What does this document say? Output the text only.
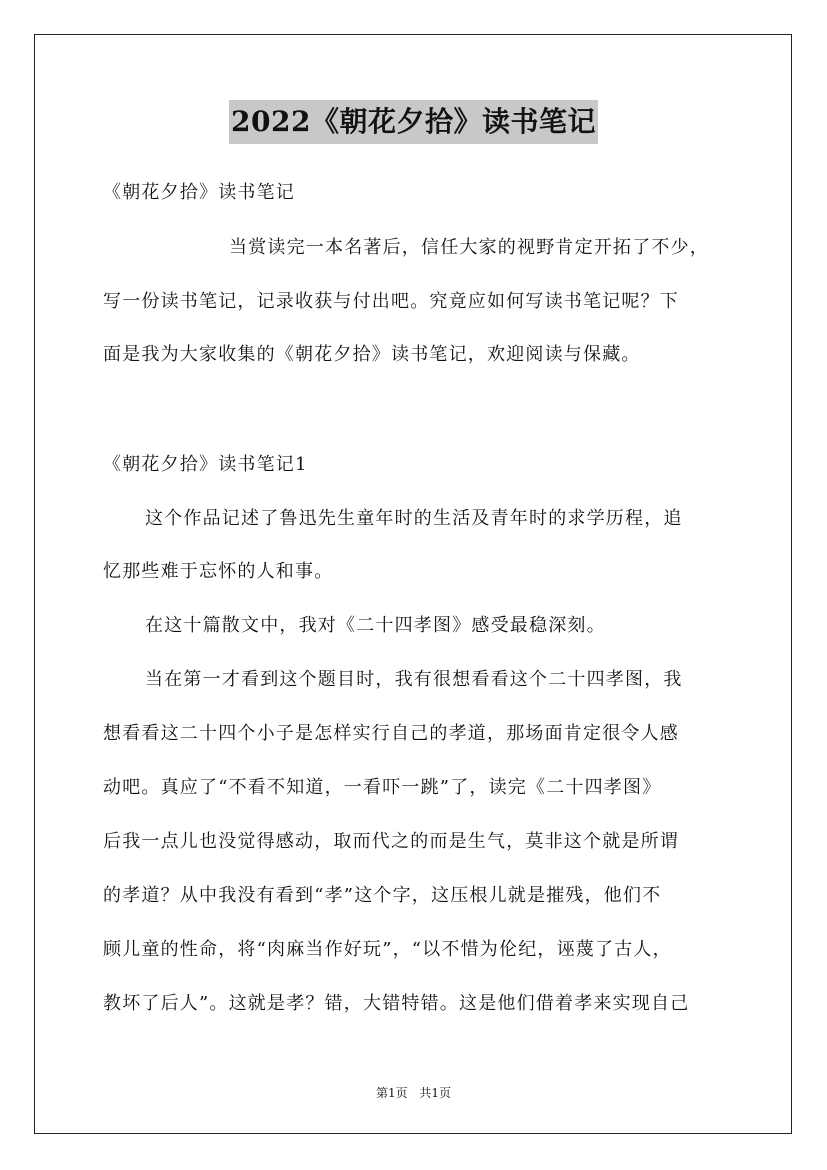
2022《朝花夕拾》读书笔记
《朝花夕拾》读书笔记
当赏读完一本名著后，信任大家的视野肯定开拓了不少，
写一份读书笔记，记录收获与付出吧。究竟应如何写读书笔记呢？下
面是我为大家收集的《朝花夕拾》读书笔记，欢迎阅读与保藏。
《朝花夕拾》读书笔记1
这个作品记述了鲁迅先生童年时的生活及青年时的求学历程，追
忆那些难于忘怀的人和事。
在这十篇散文中，我对《二十四孝图》感受最稳深刻。
当在第一才看到这个题目时，我有很想看看这个二十四孝图，我
想看看这二十四个小子是怎样实行自己的孝道，那场面肯定很令人感
动吧。真应了“不看不知道，一看吓一跳”了，读完《二十四孝图》
后我一点儿也没觉得感动，取而代之的而是生气，莫非这个就是所谓
的孝道？从中我没有看到“孝”这个字，这压根儿就是摧残，他们不
顾儿童的性命，将“肉麻当作好玩”，“以不惜为伦纪，诬蔑了古人，
教坏了后人”。这就是孝？错，大错特错。这是他们借着孝来实现自己
第1页 共1页
